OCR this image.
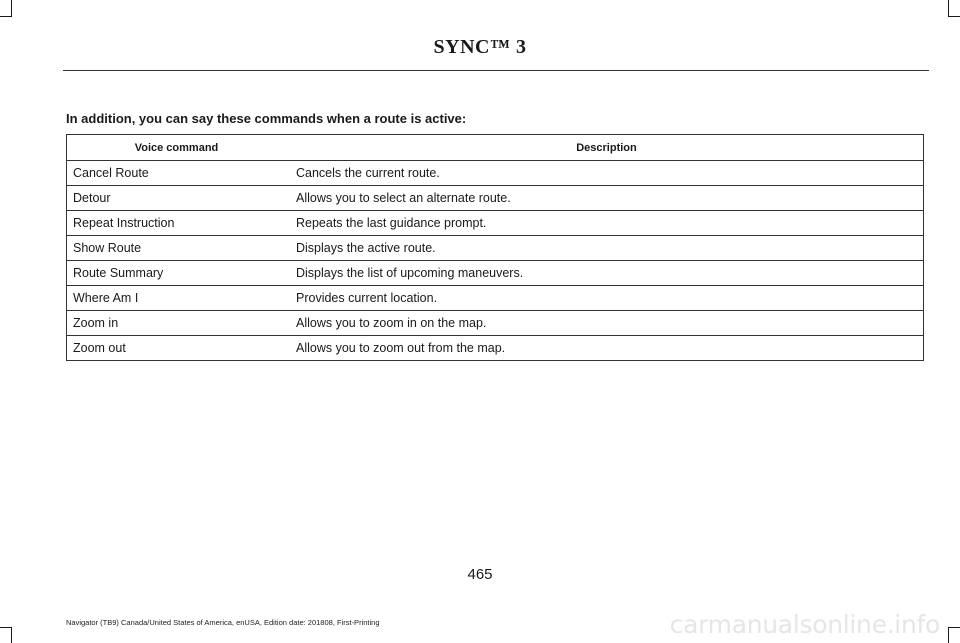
SYNC™ 3
In addition, you can say these commands when a route is active:
Voice command	Description
Cancel Route	Cancels the current route.
Detour	Allows you to select an alternate route.
Repeat Instruction	Repeats the last guidance prompt.
Show Route	Displays the active route.
Route Summary	Displays the list of upcoming maneuvers.
Where Am I	Provides current location.
Zoom in	Allows you to zoom in on the map.
Zoom out	Allows you to zoom out from the map.
465
Navigator (TB9) Canada/United States of America, enUSA, Edition date: 201808, First-Printing	carmanualsonline.info
